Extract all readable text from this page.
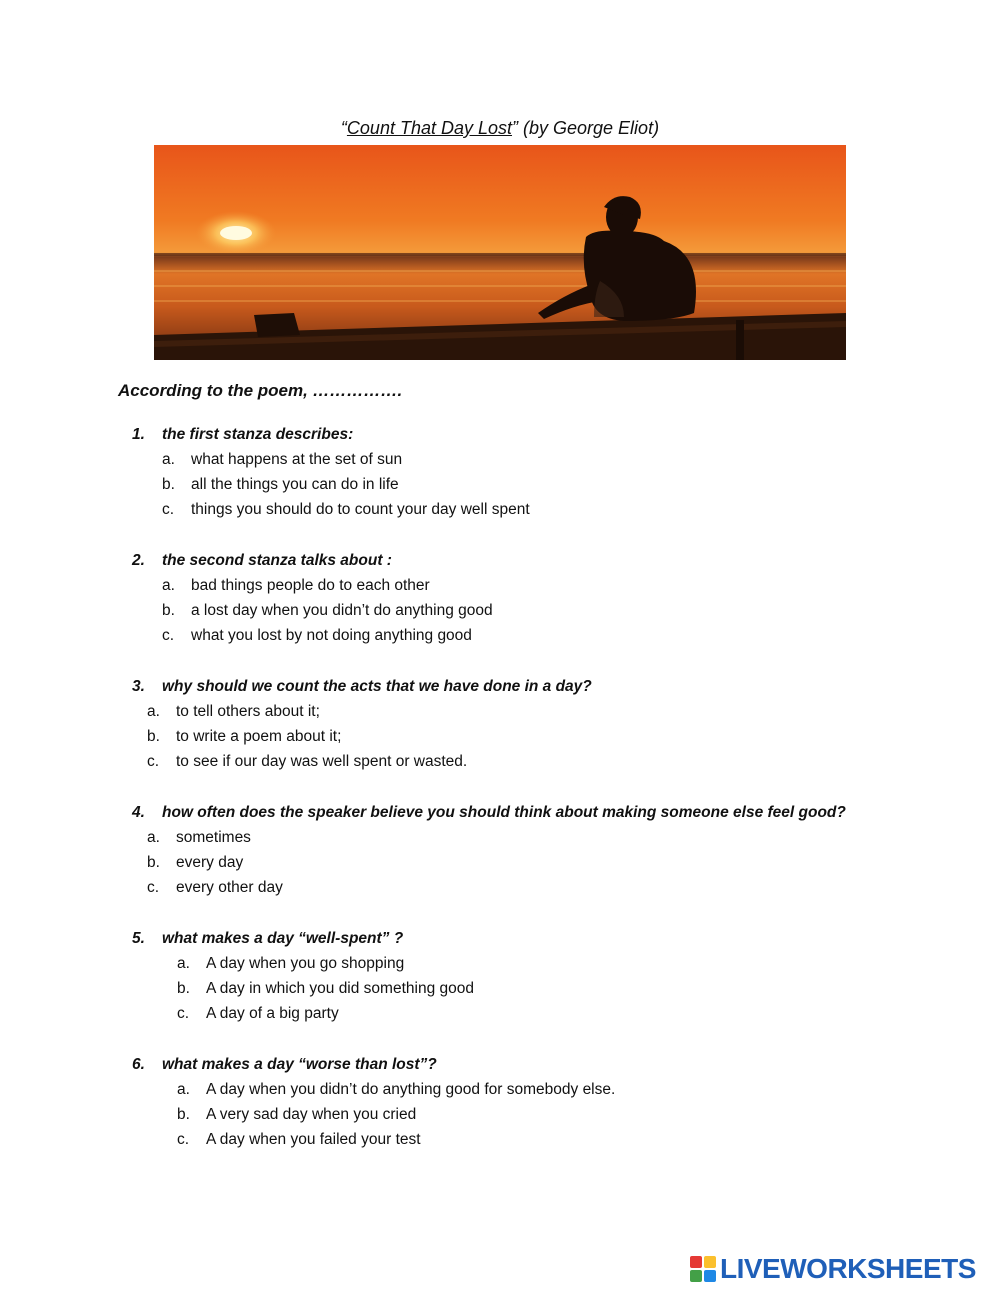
“Count That Day Lost” (by George Eliot)
According to the poem, …………….
1. the first stanza describes:
a. what happens at the set of sun
b. all the things you can do in life
c. things you should do to count your day well spent
2. the second stanza talks about :
a. bad things people do to each other
b. a lost day when you didn’t do anything good
c. what you lost by not doing anything good
3. why should we count the acts that we have done in a day?
a. to tell others about it;
b. to write a poem about it;
c. to see if our day was well spent or wasted.
4. how often does the speaker believe you should think about making someone else feel good?
a. sometimes
b. every day
c. every other day
5. what makes a day “well-spent” ?
a. A day when you go shopping
b. A day in which you did something good
c. A day of a big party
6. what makes a day “worse than lost”?
a. A day when you didn’t do anything good for somebody else.
b. A very sad day when you cried
c. A day when you failed your test
LIVEWORKSHEETS
